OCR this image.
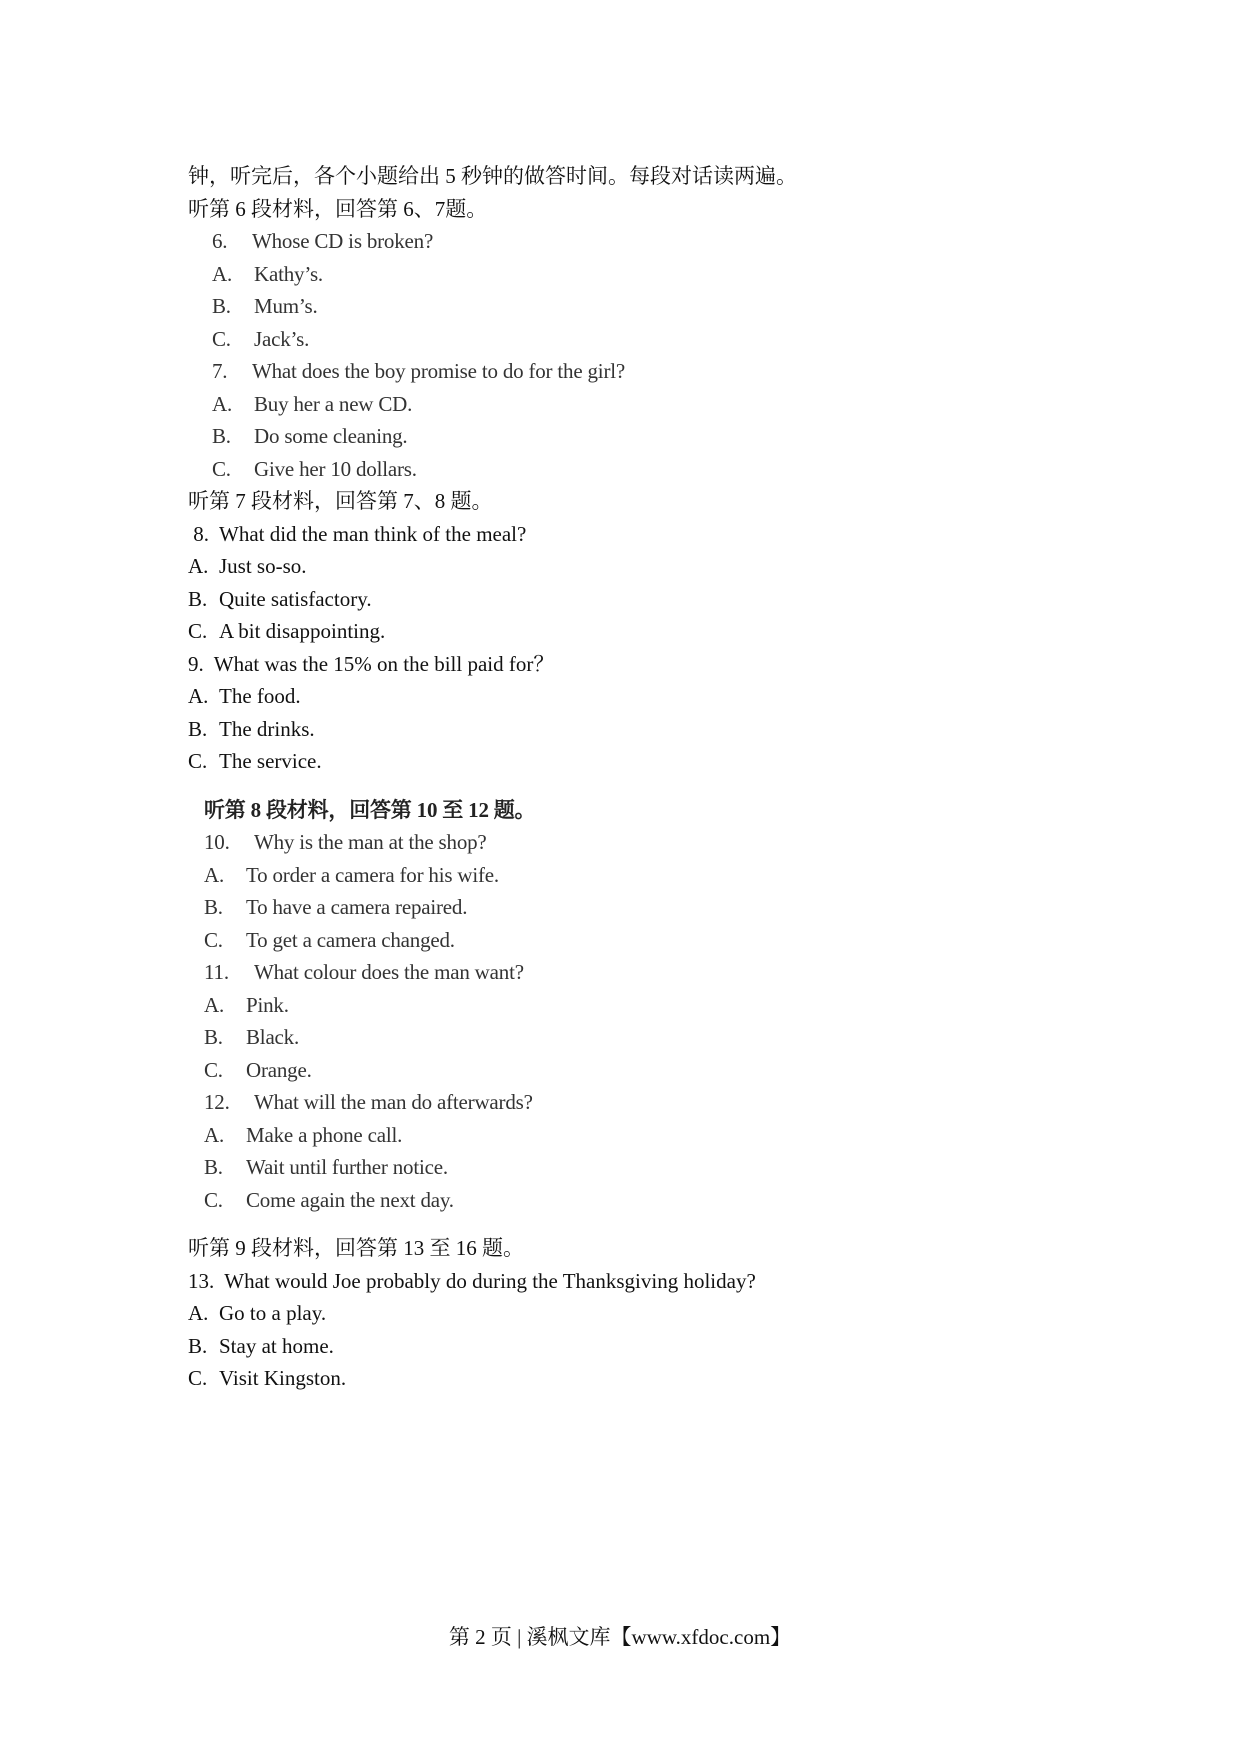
钟，听完后，各个小题给出 5 秒钟的做答时间。每段对话读两遍。
听第 6 段材料，回答第 6、7题。
6. Whose CD is broken?
A. Kathy’s.
B. Mum’s.
C. Jack’s.
7. What does the boy promise to do for the girl?
A. Buy her a new CD.
B. Do some cleaning.
C. Give her 10 dollars.
听第 7 段材料，回答第 7、8 题。
8. What did the man think of the meal?
A. Just so-so.
B. Quite satisfactory.
C. A bit disappointing.
9. What was the 15% on the bill paid for？
A. The food.
B. The drinks.
C. The service.
听第 8 段材料，回答第 10 至 12 题。
10. Why is the man at the shop?
A. To order a camera for his wife.
B. To have a camera repaired.
C. To get a camera changed.
11. What colour does the man want?
A. Pink.
B. Black.
C. Orange.
12. What will the man do afterwards?
A. Make a phone call.
B. Wait until further notice.
C. Come again the next day.
听第 9 段材料，回答第 13 至 16 题。
13. What would Joe probably do during the Thanksgiving holiday?
A. Go to a play.
B. Stay at home.
C. Visit Kingston.
第 2 页 | 溪枫文库【www.xfdoc.com】
